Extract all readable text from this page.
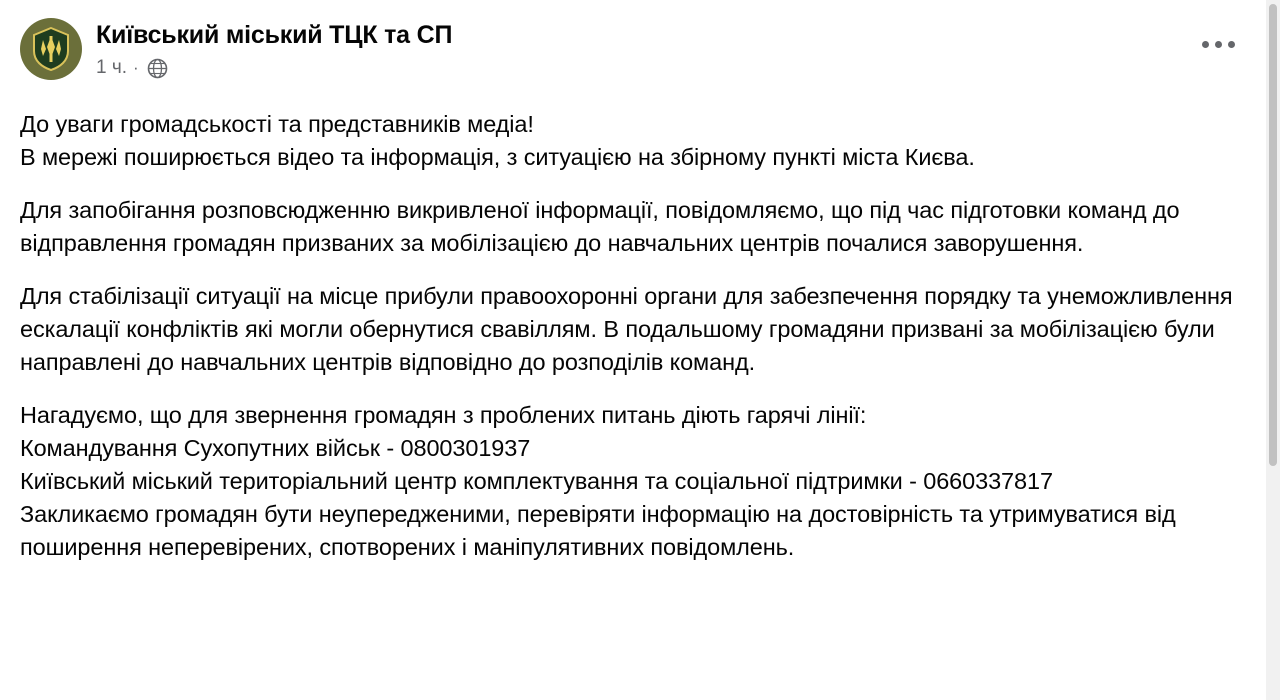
Київський міський ТЦК та СП
1 ч. ·

До уваги громадськості та представників медіа!
В мережі поширюється відео та інформація, з ситуацією на збірному пункті міста Києва.

Для запобігання розповсюдженню викривленої інформації, повідомляємо, що під час підготовки команд до відправлення громадян призваних за мобілізацією до навчальних центрів почалися заворушення.

Для стабілізації ситуації на місце прибули правоохоронні органи для забезпечення порядку та унеможливлення ескалації конфліктів які могли обернутися свавіллям. В подальшому громадяни призвані за мобілізацією були направлені до навчальних центрів відповідно до розподілів команд.

Нагадуємо, що для звернення громадян з проблених питань діють гарячі лінії:
Командування Сухопутних військ - 0800301937
Київський міський територіальний центр комплектування та соціальної підтримки - 0660337817
Закликаємо громадян бути неупередженими, перевіряти інформацію на достовірність та утримуватися від поширення неперевірених, спотворених і маніпулятивних повідомлень.
